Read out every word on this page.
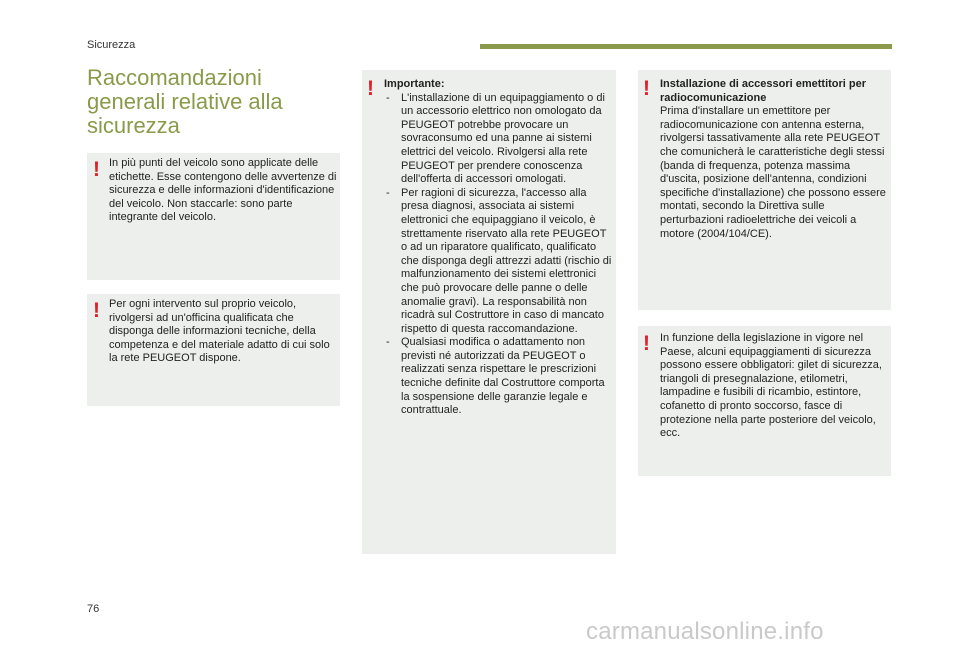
Sicurezza
Raccomandazioni generali relative alla sicurezza
! In più punti del veicolo sono applicate delle etichette. Esse contengono delle avvertenze di sicurezza e delle informazioni d'identificazione del veicolo. Non staccarle: sono parte integrante del veicolo.

! Per ogni intervento sul proprio veicolo, rivolgersi ad un'officina qualificata che disponga delle informazioni tecniche, della competenza e del materiale adatto di cui solo la rete PEUGEOT dispone.

! Importante:

- L'installazione di un equipaggiamento o di un accessorio elettrico non omologato da PEUGEOT potrebbe provocare un sovraconsumo ed una panne ai sistemi elettrici del veicolo. Rivolgersi alla rete PEUGEOT per prendere conoscenza dell'offerta di accessori omologati.
- Per ragioni di sicurezza, l'accesso alla presa diagnosi, associata ai sistemi elettronici che equipaggiano il veicolo, è strettamente riservato alla rete PEUGEOT o ad un riparatore qualificato, qualificato che disponga degli attrezzi adatti (rischio di malfunzionamento dei sistemi elettronici che può provocare delle panne o delle anomalie gravi). La responsabilità non ricadrà sul Costruttore in caso di mancato rispetto di questa raccomandazione.
- Qualsiasi modifica o adattamento non previsti né autorizzati da PEUGEOT o realizzati senza rispettare le prescrizioni tecniche definite dal Costruttore comporta la sospensione delle garanzie legale e contrattuale.
! Installazione di accessori emettitori per radiocomunicazione

Prima d'installare un emettitore per radiocomunicazione con antenna esterna, rivolgersi tassativamente alla rete PEUGEOT che comunicherà le caratteristiche degli stessi (banda di frequenza, potenza massima d'uscita, posizione dell'antenna, condizioni specifiche d'installazione) che possono essere montati, secondo la Direttiva sulle perturbazioni radioelettriche dei veicoli a motore (2004/104/CE).

! In funzione della legislazione in vigore nel Paese, alcuni equipaggiamenti di sicurezza possono essere obbligatori: gilet di sicurezza, triangoli di presegnalazione, etilometri, lampadine e fusibili di ricambio, estintore, cofanetto di pronto soccorso, fasce di protezione nella parte posteriore del veicolo, ecc.

76
carmanualsonline.info
